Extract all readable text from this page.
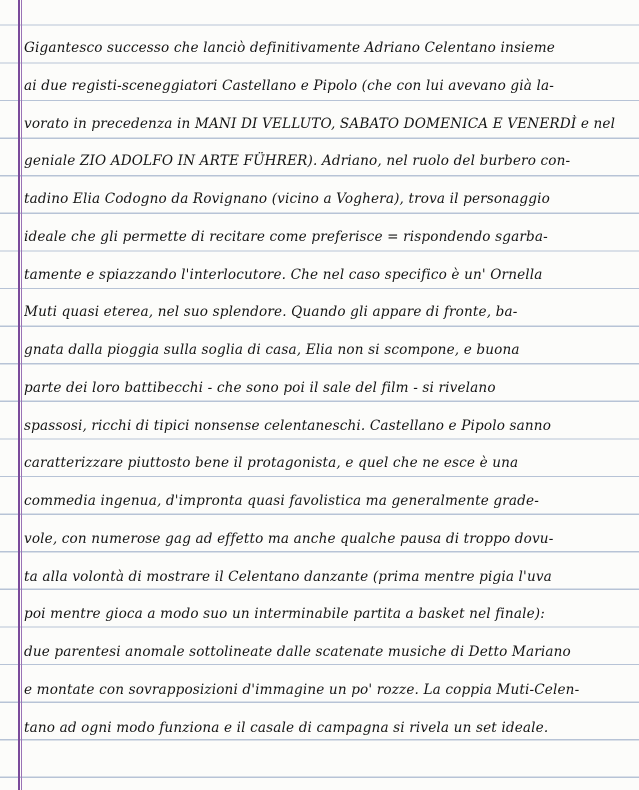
Gigantesco successo che lanciò definitivamente Adriano Celentano insieme
ai due registi-sceneggiatori Castellano e Pipolo (che con lui avevano già la-
vorato in precedenza in MANI DI VELLUTO, SABATO DOMENICA E VENERDÌ e nel
geniale ZIO ADOLFO IN ARTE FÜHRER). Adriano, nel ruolo del burbero con-
tadino Elia Codogno da Rovignano (vicino a Voghera), trova il personaggio
ideale che gli permette di recitare come preferisce = rispondendo sgarba-
tamente e spiazzando l'interlocutore. Che nel caso specifico è un' Ornella
Muti quasi eterea, nel suo splendore. Quando gli appare di fronte, ba-
gnata dalla pioggia sulla soglia di casa, Elia non si scompone, e buona
parte dei loro battibecchi - che sono poi il sale del film - si rivelano
spassosi, ricchi di tipici nonsense celentaneschi. Castellano e Pipolo sanno
caratterizzare piuttosto bene il protagonista, e quel che ne esce è una
commedia ingenua, d'impronta quasi favolistica ma generalmente grade-
vole, con numerose gag ad effetto ma anche qualche pausa di troppo dovu-
ta alla volontà di mostrare il Celentano danzante (prima mentre pigia l'uva
poi mentre gioca a modo suo un interminabile partita a basket nel finale):
due parentesi anomale sottolineate dalle scatenate musiche di Detto Mariano
e montate con sovrapposizioni d'immagine un po' rozze. La coppia Muti-Celen-
tano ad ogni modo funziona e il casale di campagna si rivela un set ideale.
